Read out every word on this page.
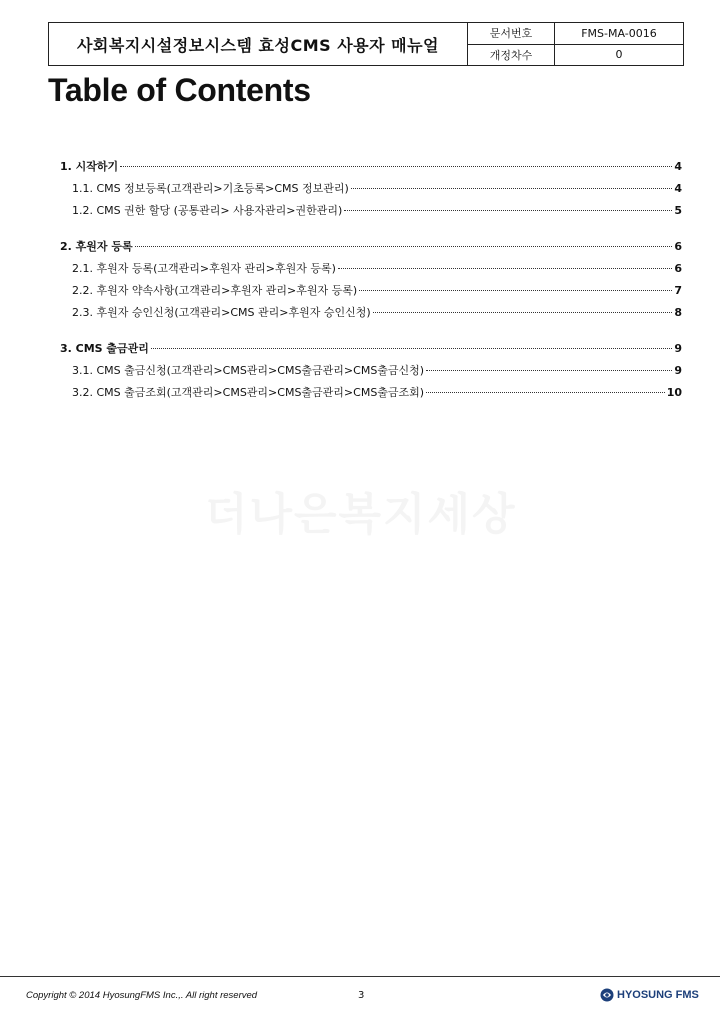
사회복지시설정보시스템 효성CMS 사용자 매뉴얼
문서번호	FMS-MA-0016
개정차수	0
Table of Contents
1. 시작하기	4
1.1. CMS 정보등록(고객관리>기초등록>CMS 정보관리)	4
1.2. CMS 권한 할당 (공통관리> 사용자관리>권한관리)	5
2. 후원자 등록	6
2.1. 후원자 등록(고객관리>후원자 관리>후원자 등록)	6
2.2. 후원자 약속사항(고객관리>후원자 관리>후원자 등록)	7
2.3. 후원자 승인신청(고객관리>CMS 관리>후원자 승인신청)	8
3. CMS 출금관리	9
3.1. CMS 출금신청(고객관리>CMS관리>CMS출금관리>CMS출금신청)	9
3.2. CMS 출금조회(고객관리>CMS관리>CMS출금관리>CMS출금조회)	10
더나은복지세상
Copyright © 2014 HyosungFMS Inc.,. All right reserved	3	HYOSUNG FMS
